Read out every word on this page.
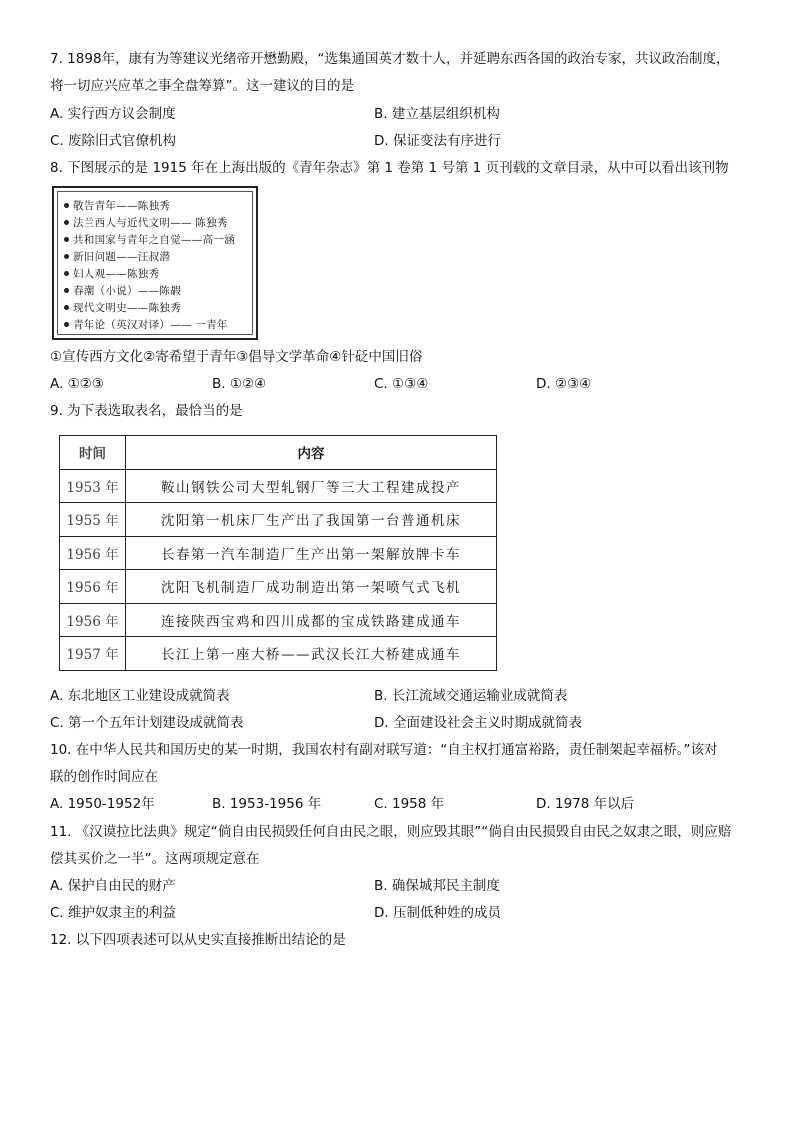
7. 1898年，康有为等建议光绪帝开懋勤殿，“选集通国英才数十人，并延聘东西各国的政治专家，共议政治制度，
将一切应兴应革之事全盘筹算”。这一建议的目的是
A. 实行西方议会制度	B. 建立基层组织机构
C. 废除旧式官僚机构	D. 保证变法有序进行
8. 下图展示的是 1915 年在上海出版的《青年杂志》第 1 卷第 1 号第 1 页刊载的文章目录，从中可以看出该刊物
敬告青年——陈独秀
法兰西人与近代文明—— 陈独秀
共和国家与青年之自觉——高一涵
新旧问题——汪叔潜
妇人观——陈独秀
春潮（小说）——陈嘏
现代文明史——陈独秀
青年论（英汉对译）—— 一青年
①宣传西方文化②寄希望于青年③倡导文学革命④针砭中国旧俗
A. ①②③	B. ①②④	C. ①③④	D. ②③④
9. 为下表选取表名，最恰当的是
时间	内容
1953 年	鞍山钢铁公司大型轧钢厂等三大工程建成投产
1955 年	沈阳第一机床厂生产出了我国第一台普通机床
1956 年	长春第一汽车制造厂生产出第一架解放牌卡车
1956 年	沈阳飞机制造厂成功制造出第一架喷气式飞机
1956 年	连接陕西宝鸡和四川成都的宝成铁路建成通车
1957 年	长江上第一座大桥——武汉长江大桥建成通车
A. 东北地区工业建设成就简表	B. 长江流域交通运输业成就简表
C. 第一个五年计划建设成就简表	D. 全面建设社会主义时期成就简表
10. 在中华人民共和国历史的某一时期，我国农村有副对联写道：“自主权打通富裕路，责任制架起幸福桥。”该对
联的创作时间应在
A. 1950-1952年	B. 1953-1956 年	C. 1958 年	D. 1978 年以后
11. 《汉谟拉比法典》规定“倘自由民损毁任何自由民之眼，则应毁其眼”“倘自由民损毁自由民之奴隶之眼，则应赔
偿其买价之一半”。这两项规定意在
A. 保护自由民的财产	B. 确保城邦民主制度
C. 维护奴隶主的利益	D. 压制低种姓的成员
12. 以下四项表述可以从史实直接推断出结论的是
